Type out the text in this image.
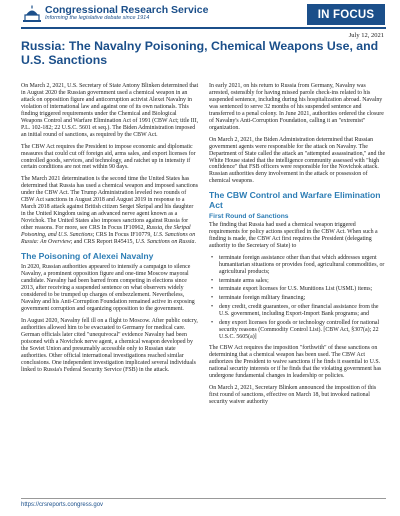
Congressional Research Service
Informing the legislative debate since 1914	IN FOCUS
July 12, 2021
Russia: The Navalny Poisoning, Chemical Weapons Use, and U.S. Sanctions

On March 2, 2021, U.S. Secretary of State Antony Blinken determined that in August 2020 the Russian government used a chemical weapon in an attack on opposition figure and anticorruption activist Alexei Navalny in violation of international law and against one of its own nationals. This finding triggered requirements under the Chemical and Biological Weapons Control and Warfare Elimination Act of 1991 (CBW Act; title III, P.L. 102-182; 22 U.S.C. 5601 et seq.). The Biden Administration imposed an initial round of sanctions, as required by the CBW Act.

The CBW Act requires the President to impose economic and diplomatic measures that could cut off foreign aid, arms sales, and export licenses for controlled goods, services, and technology, and ratchet up in intensity if certain conditions are not met within 90 days.

The March 2021 determination is the second time the United States has determined that Russia has used a chemical weapon and imposed sanctions under the CBW Act. The Trump Administration leveled two rounds of CBW Act sanctions in August 2018 and August 2019 in response to a March 2018 attack against British citizen Sergei Skripal and his daughter in the United Kingdom using an advanced nerve agent known as a Novichok. The United States also imposes sanctions against Russia for other reasons. For more, see CRS In Focus IF10962, Russia, the Skripal Poisoning, and U.S. Sanctions; CRS In Focus IF10779, U.S. Sanctions on Russia: An Overview; and CRS Report R45415, U.S. Sanctions on Russia.

The Poisoning of Alexei Navalny

In 2020, Russian authorities appeared to intensify a campaign to silence Navalny, a prominent opposition figure and one-time Moscow mayoral candidate. Navalny had been barred from competing in elections since 2013, after receiving a suspended sentence on what observers widely considered to be trumped up charges of embezzlement. Nevertheless, Navalny and his Anti-Corruption Foundation remained active in exposing government corruption and organizing opposition to the government.

In August 2020, Navalny fell ill on a flight to Moscow. After public outcry, authorities allowed him to be evacuated to Germany for medical care. German officials later cited "unequivocal" evidence Navalny had been poisoned with a Novichok nerve agent, a chemical weapon developed by the Soviet Union and presumably accessible only to Russian state authorities. Other official international investigations reached similar conclusions. One independent investigation implicated several individuals linked to Russia's Federal Security Service (FSB) in the attack.

In early 2021, on his return to Russia from Germany, Navalny was arrested, ostensibly for having missed parole check-ins related to his suspended sentence, including during his hospitalization abroad. Navalny was sentenced to serve 32 months of his suspended sentence and transferred to a penal colony. In June 2021, authorities ordered the closure of Navalny's Anti-Corruption Foundation, calling it an "extremist" organization.

On March 2, 2021, the Biden Administration determined that Russian government agents were responsible for the attack on Navalny. The Department of State called the attack an "attempted assassination," and the White House stated that the intelligence community assessed with "high confidence" that FSB officers were responsible for the Novichok attack. Russian authorities deny involvement in the attack or possession of chemical weapons.

The CBW Control and Warfare Elimination Act
First Round of Sanctions

The finding that Russia had used a chemical weapon triggered requirements for policy actions specified in the CBW Act. When such a finding is made, the CBW Act first requires the President (delegating authority to the Secretary of State) to

• terminate foreign assistance other than that which addresses urgent humanitarian situations or provides food, agricultural commodities, or agricultural products;
• terminate arms sales;
• terminate export licenses for U.S. Munitions List (USML) items;
• terminate foreign military financing;
• deny credit, credit guarantees, or other financial assistance from the U.S. government, including Export-Import Bank programs; and
• deny export licenses for goods or technology controlled for national security reasons (Commodity Control List). [CBW Act, §307(a); 22 U.S.C. 5605(a)]

The CBW Act requires the imposition "forthwith" of these sanctions on determining that a chemical weapon has been used. The CBW Act authorizes the President to waive sanctions if he finds it essential to U.S. national security interests or if he finds that the violating government has undergone fundamental changes in leadership or policies.

On March 2, 2021, Secretary Blinken announced the imposition of this first round of sanctions, effective on March 18, but invoked national security waiver authority

https://crsreports.congress.gov
